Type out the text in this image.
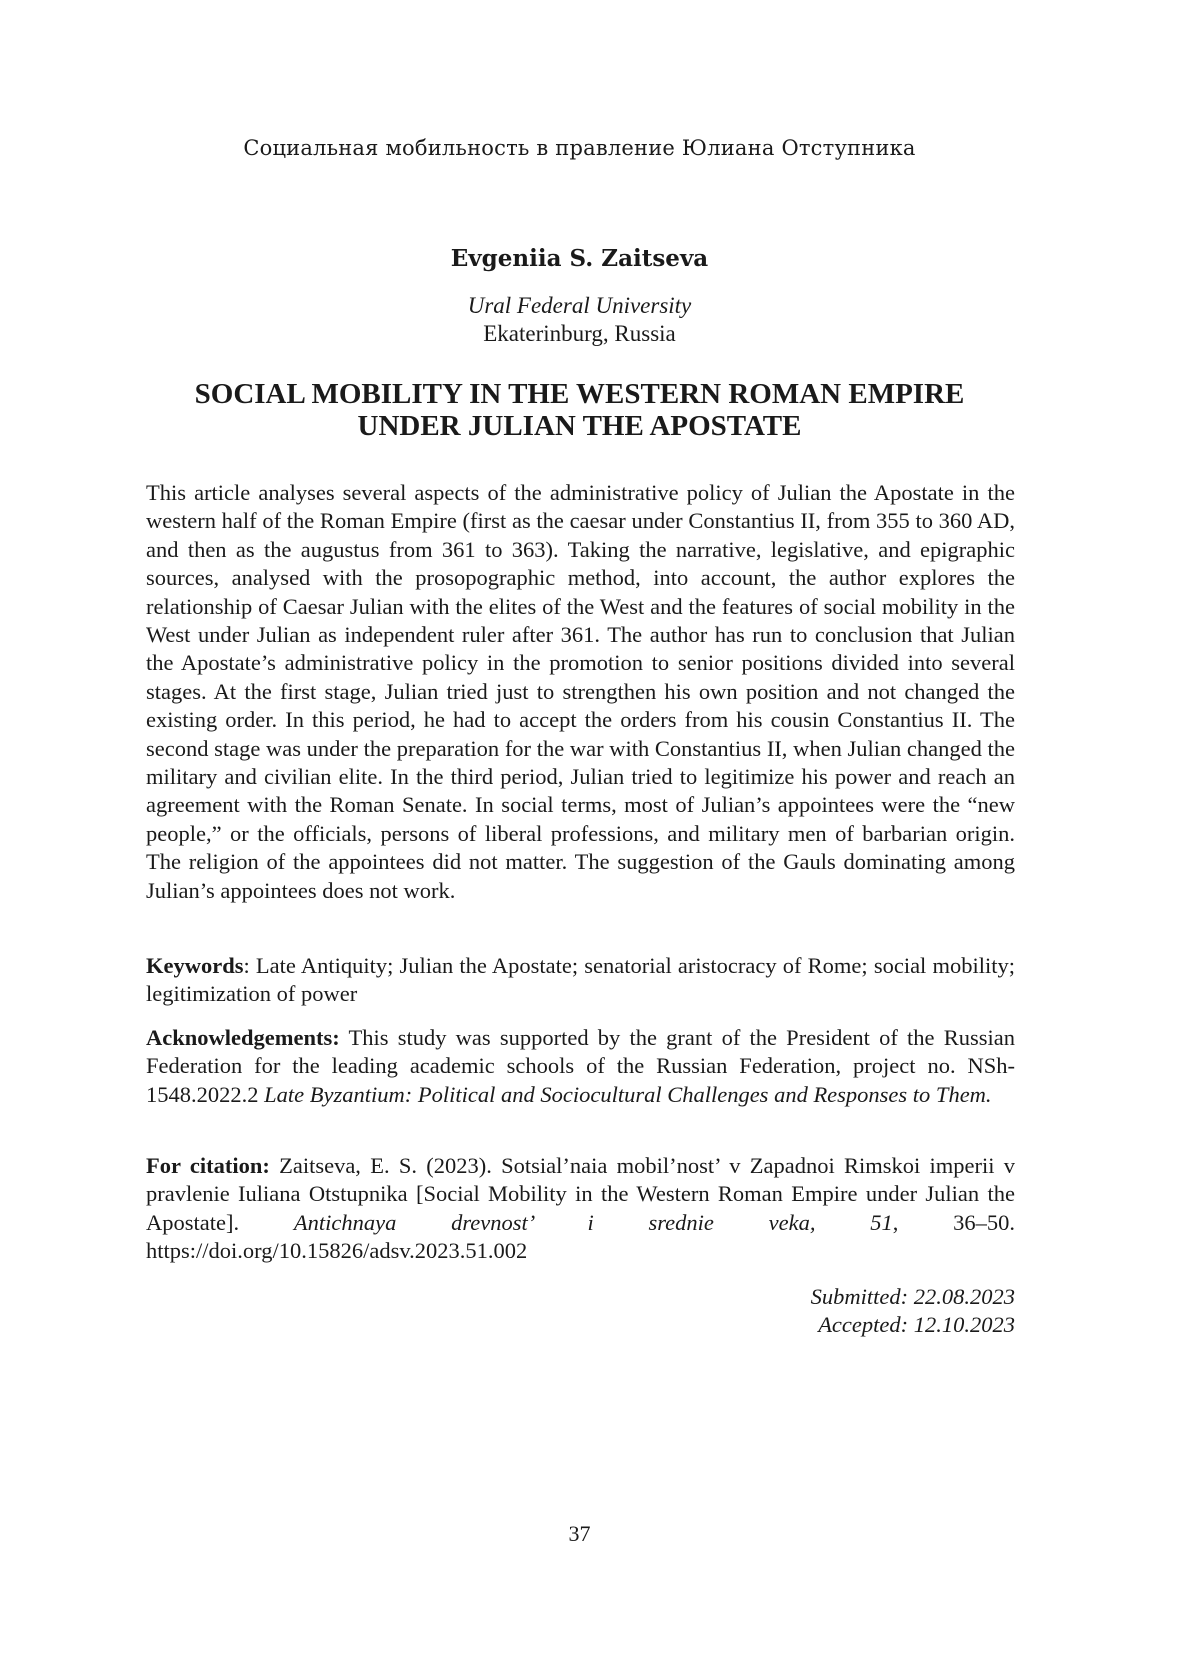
Социальная мобильность в правление Юлиана Отступника
Evgeniia S. Zaitseva
Ural Federal University
Ekaterinburg, Russia
SOCIAL MOBILITY IN THE WESTERN ROMAN EMPIRE
UNDER JULIAN THE APOSTATE
This article analyses several aspects of the administrative policy of Julian the Apostate in the western half of the Roman Empire (first as the caesar under Constantius II, from 355 to 360 AD, and then as the augustus from 361 to 363). Taking the narrative, legislative, and epigraphic sources, analysed with the prosopographic method, into account, the author explores the relationship of Caesar Julian with the elites of the West and the features of social mobility in the West under Julian as independent ruler after 361. The author has run to conclusion that Julian the Apostate’s administrative policy in the promotion to senior positions divided into several stages. At the first stage, Julian tried just to strengthen his own position and not changed the existing order. In this period, he had to accept the orders from his cousin Constantius II. The second stage was under the preparation for the war with Constantius II, when Julian changed the military and civilian elite. In the third period, Julian tried to legitimize his power and reach an agreement with the Roman Senate. In social terms, most of Julian’s appointees were the “new people,” or the officials, persons of liberal professions, and military men of barbarian origin. The religion of the appointees did not matter. The suggestion of the Gauls dominating among Julian’s appointees does not work.
Keywords: Late Antiquity; Julian the Apostate; senatorial aristocracy of Rome; social mobility; legitimization of power
Acknowledgements: This study was supported by the grant of the President of the Russian Federation for the leading academic schools of the Russian Federation, project no. NSh-1548.2022.2 Late Byzantium: Political and Sociocultural Challenges and Responses to Them.
For citation: Zaitseva, E. S. (2023). Sotsial’naia mobil’nost’ v Zapadnoi Rimskoi imperii v pravlenie Iuliana Otstupnika [Social Mobility in the Western Roman Empire under Julian the Apostate]. Antichnaya drevnost’ i srednie veka, 51, 36–50. https://doi.org/10.15826/adsv.2023.51.002
Submitted: 22.08.2023
Accepted: 12.10.2023
37
